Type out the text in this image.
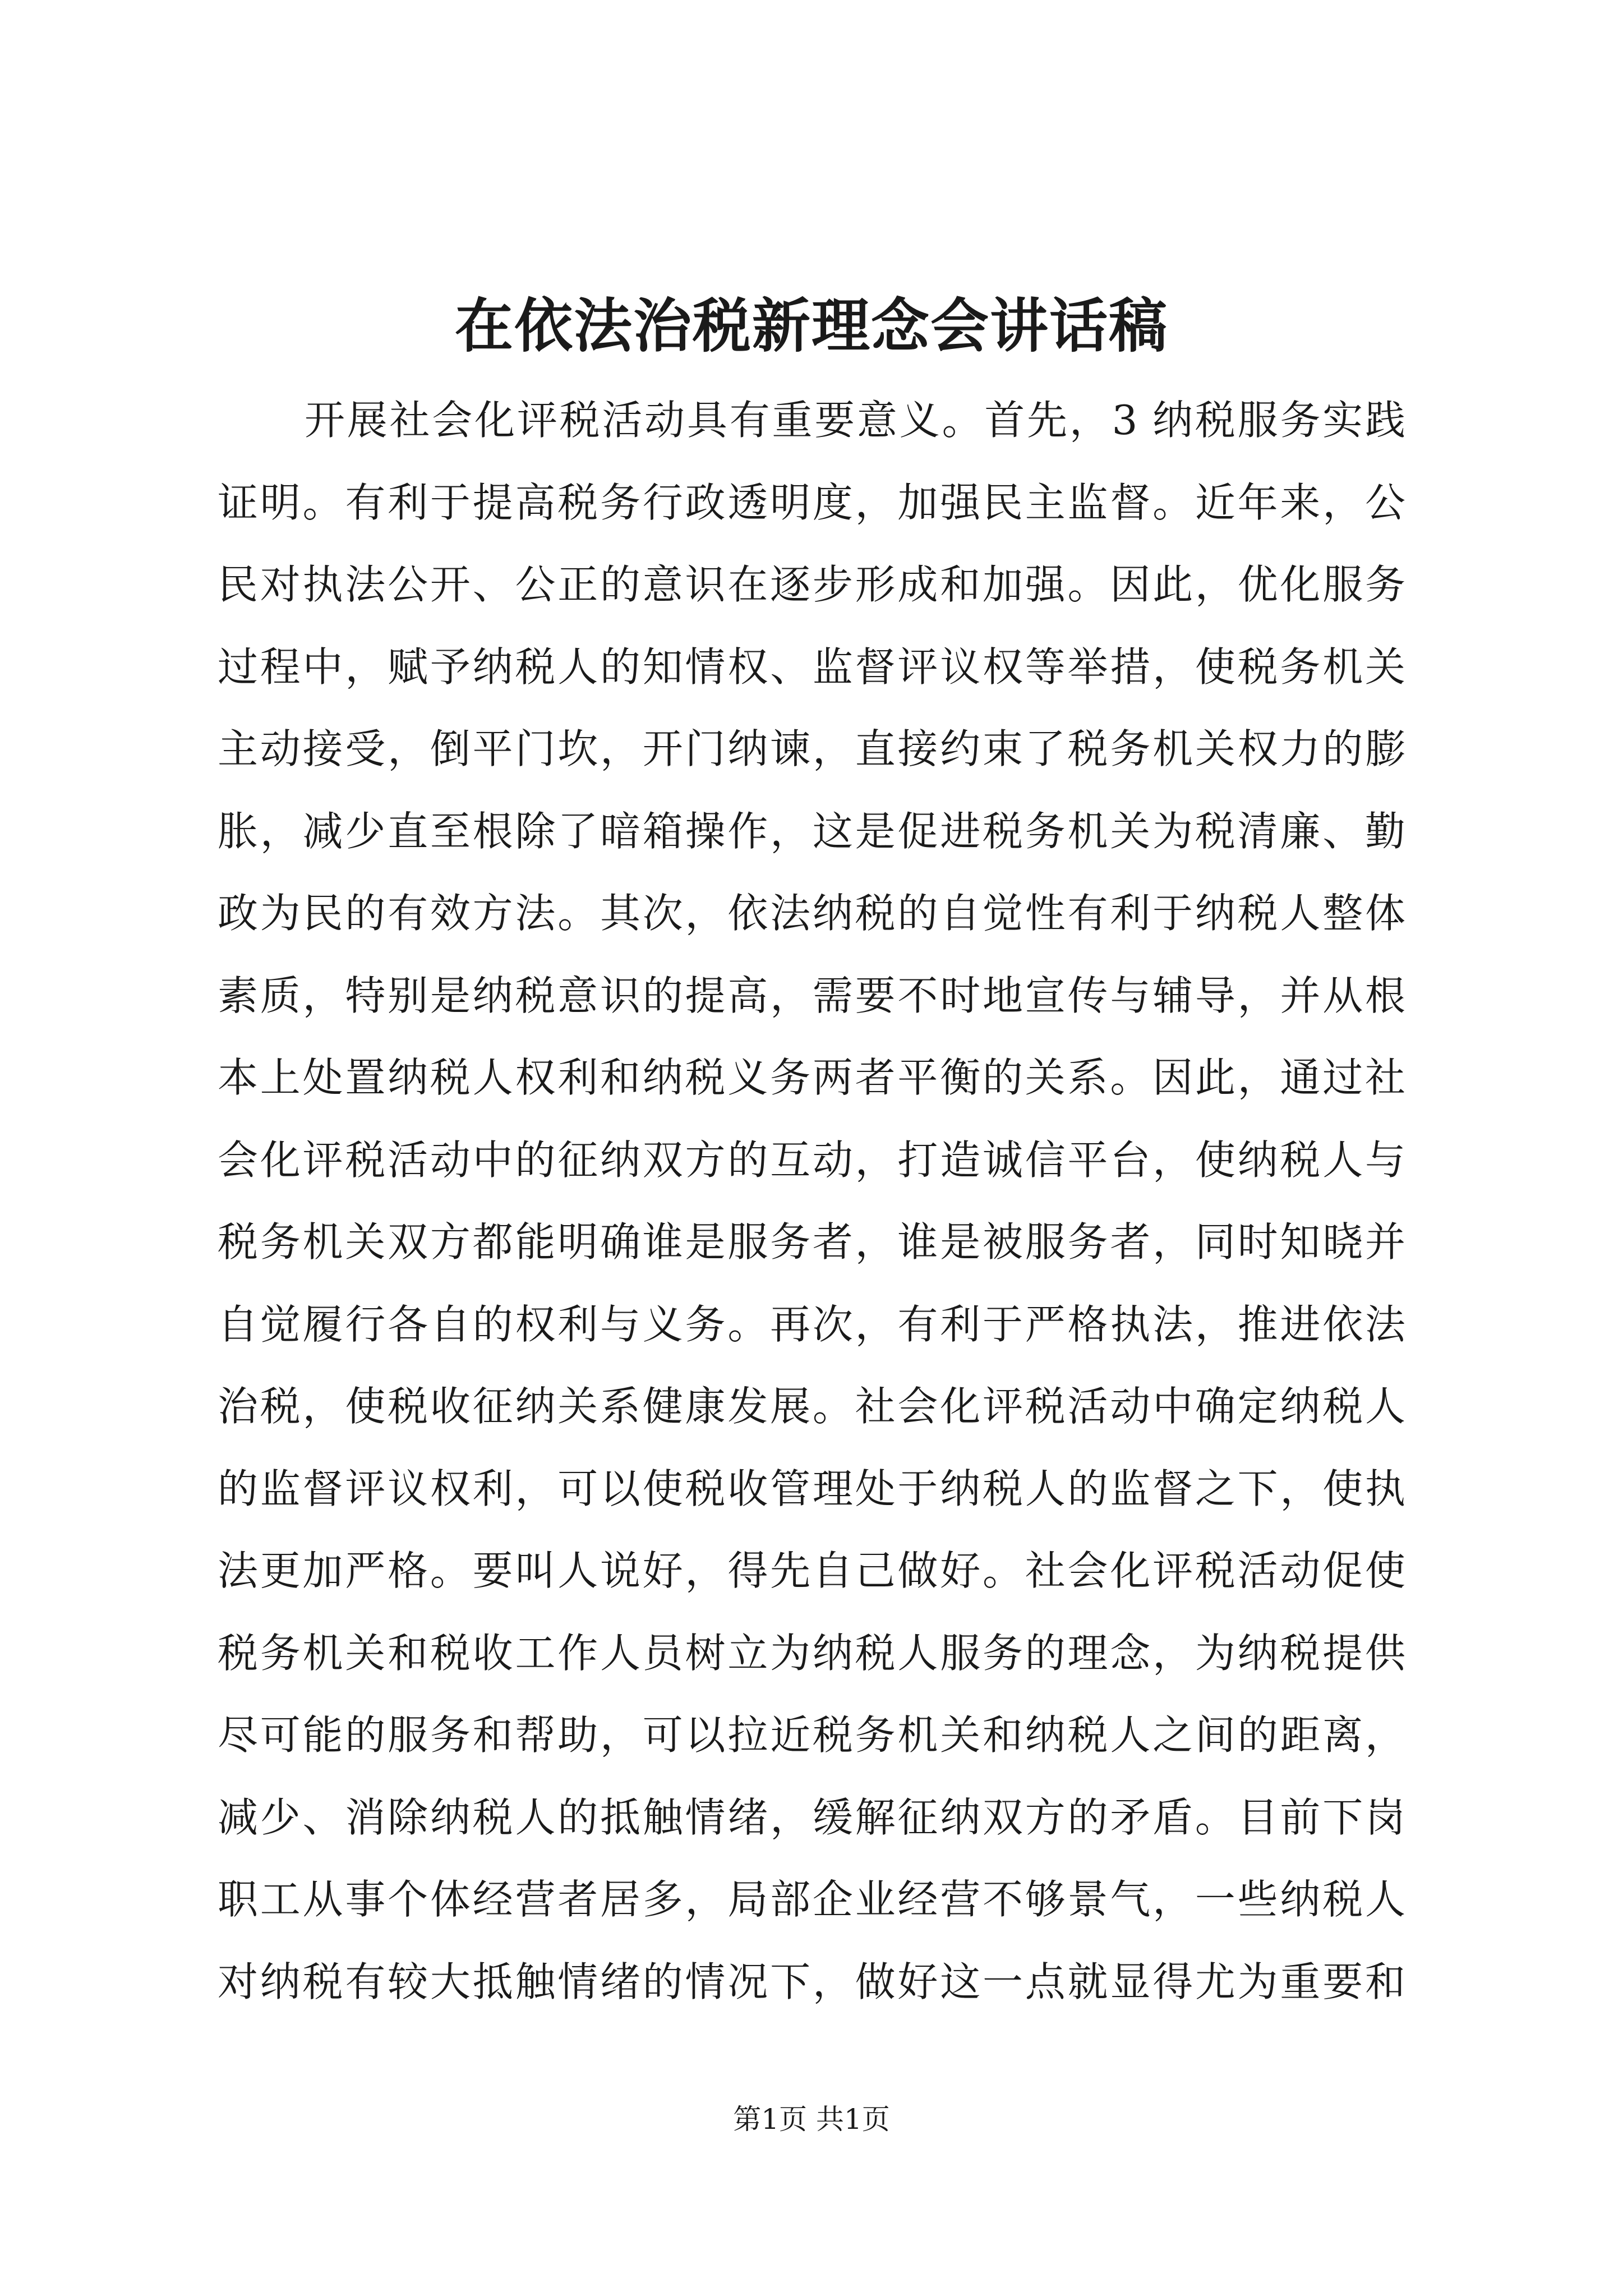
在依法治税新理念会讲话稿
开展社会化评税活动具有重要意义。首先，3 纳税服务实践
证明。有利于提高税务行政透明度，加强民主监督。近年来，公
民对执法公开、公正的意识在逐步形成和加强。因此，优化服务
过程中，赋予纳税人的知情权、监督评议权等举措，使税务机关
主动接受，倒平门坎，开门纳谏，直接约束了税务机关权力的膨
胀，减少直至根除了暗箱操作，这是促进税务机关为税清廉、勤
政为民的有效方法。其次，依法纳税的自觉性有利于纳税人整体
素质，特别是纳税意识的提高，需要不时地宣传与辅导，并从根
本上处置纳税人权利和纳税义务两者平衡的关系。因此，通过社
会化评税活动中的征纳双方的互动，打造诚信平台，使纳税人与
税务机关双方都能明确谁是服务者，谁是被服务者，同时知晓并
自觉履行各自的权利与义务。再次，有利于严格执法，推进依法
治税，使税收征纳关系健康发展。社会化评税活动中确定纳税人
的监督评议权利，可以使税收管理处于纳税人的监督之下，使执
法更加严格。要叫人说好，得先自己做好。社会化评税活动促使
税务机关和税收工作人员树立为纳税人服务的理念，为纳税提供
尽可能的服务和帮助，可以拉近税务机关和纳税人之间的距离，
减少、消除纳税人的抵触情绪，缓解征纳双方的矛盾。目前下岗
职工从事个体经营者居多，局部企业经营不够景气，一些纳税人
对纳税有较大抵触情绪的情况下，做好这一点就显得尤为重要和
第1页 共1页
